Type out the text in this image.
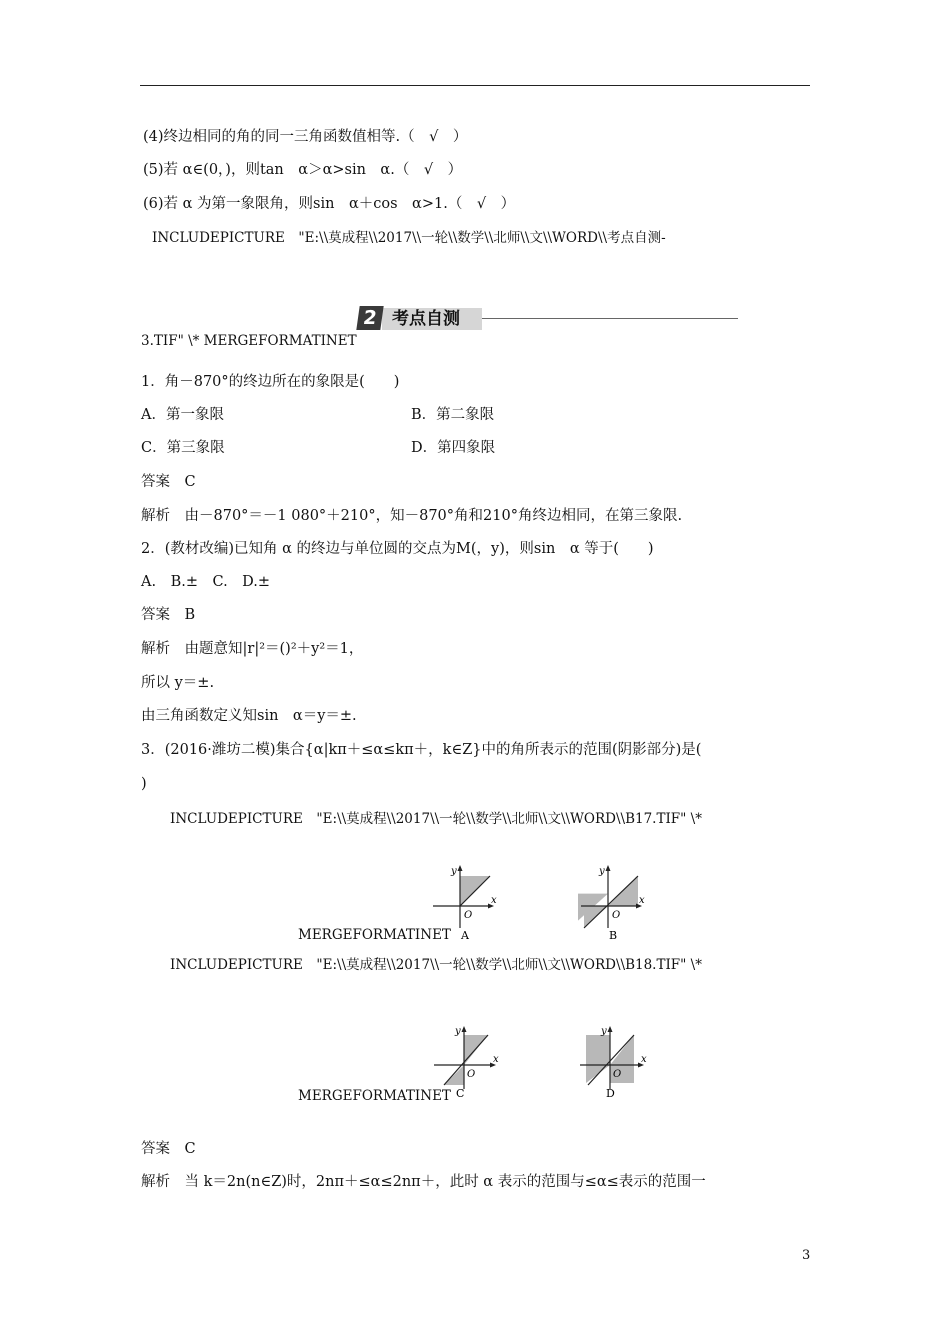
(4)终边相同的角的同一三角函数值相等.（　√　）
(5)若 α∈(0，)，则tan　α＞α>sin　α.（　√　）
(6)若 α 为第一象限角，则sin　α＋cos　α>1.（　√　）
INCLUDEPICTURE　"E:\\莫成程\\2017\\一轮\\数学\\北师\\文\\WORD\\考点自测-
2 考点自测
3.TIF" \* MERGEFORMATINET
1．角－870°的终边所在的象限是(　　)
A．第一象限	B．第二象限
C．第三象限	D．第四象限
答案　C
解析　由－870°＝－1 080°＋210°，知－870°角和210°角终边相同，在第三象限.
2．(教材改编)已知角 α 的终边与单位圆的交点为M(，y)，则sin　α 等于(　　)
A.　B.±　C.　D.±
答案　B
解析　由题意知|r|²＝()²＋y²＝1，
所以 y＝±.
由三角函数定义知sin　α＝y＝±.
3．(2016·潍坊二模)集合{α|kπ＋≤α≤kπ＋，k∈Z}中的角所表示的范围(阴影部分)是(
)
INCLUDEPICTURE　"E:\\莫成程\\2017\\一轮\\数学\\北师\\文\\WORD\\B17.TIF" \*
y
x
O
A
y
x
O
B
MERGEFORMATINET
INCLUDEPICTURE　"E:\\莫成程\\2017\\一轮\\数学\\北师\\文\\WORD\\B18.TIF" \*
y
x
O
C
y
x
O
D
MERGEFORMATINET
答案　C
解析　当 k＝2n(n∈Z)时，2nπ＋≤α≤2nπ＋，此时 α 表示的范围与≤α≤表示的范围一
3
